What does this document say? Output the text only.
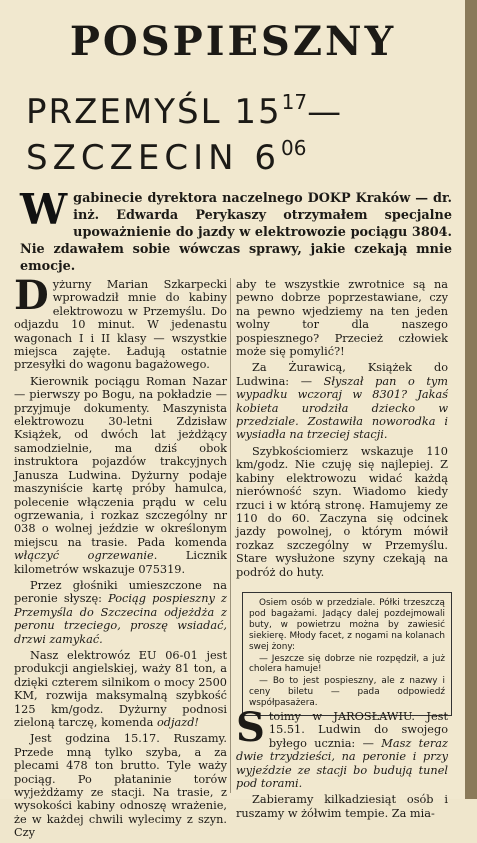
POSPIESZNY
PRZEMYŚL $15^{17}—$
SZCZECIN $6^{06}$
Wgabinecie dyrektora naczelnego DOKP Kraków — dr. inż. Edwarda Perykaszy otrzymałem specjalne upoważnienie do jazdy w elektrowozie pociągu 3804. Nie zdawałem sobie wówczas sprawy, jakie czekają mnie emocje.

Dyżurny Marian Szkarpecki wprowadził mnie do kabiny elektrowozu w Przemyślu. Do odjazdu 10 minut. W jedenastu wagonach I i II klasy — wszystkie miejsca zajęte. Ładują ostatnie przesyłki do wagonu bagażowego.

Kierownik pociągu Roman Nazar — pierwszy po Bogu, na pokładzie — przyjmuje dokumenty. Maszynista elektrowozu 30-letni Zdzisław Książek, od dwóch lat jeżdżący samodzielnie, ma dziś obok instruktora pojazdów trakcyjnych Janusza Ludwina. Dyżurny podaje maszyniście kartę próby hamulca, polecenie włączenia prądu w celu ogrzewania, i rozkaz szczególny nr 038 o wolnej jeździe w określonym miejscu na trasie. Pada komenda włączyć ogrzewanie. Licznik kilometrów wskazuje 075319.

Przez głośniki umieszczone na peronie słyszę: Pociąg pospieszny z Przemyśla do Szczecina odjeżdża z peronu trzeciego, proszę wsiadać, drzwi zamykać.

Nasz elektrowóz EU 06-01 jest produkcji angielskiej, waży 81 ton, a dzięki czterem silnikom o mocy 2500 KM, rozwija maksymalną szybkość 125 km/godz. Dyżurny podnosi zieloną tarczę, komenda odjazd!

Jest godzina 15.17. Ruszamy. Przede mną tylko szyba, a za plecami 478 ton brutto. Tyle waży pociąg. Po płataninie torów wyjeżdżamy ze stacji. Na trasie, z wysokości kabiny odnoszę wrażenie, że w każdej chwili wylecimy z szyn. Czy

aby te wszystkie zwrotnice są na pewno dobrze poprzestawiane, czy na pewno wjedziemy na ten jeden wolny tor dla naszego pospiesznego? Przecież człowiek może się pomylić?!

Za Żurawicą, Książek do Ludwina: — Słyszał pan o tym wypadku wczoraj w 8301? Jakaś kobieta urodziła dziecko w przedziale. Zostawiła noworodka i wysiadła na trzeciej stacji.

Szybkościomierz wskazuje 110 km/godz. Nie czuję się najlepiej. Z kabiny elektrowozu widać każdą nierówność szyn. Wiadomo kiedy rzuci i w którą stronę. Hamujemy ze 110 do 60. Zaczyna się odcinek jazdy powolnej, o którym mówił rozkaz szczególny w Przemyślu. Stare wysłużone szyny czekają na podróż do huty.

Osiem osób w przedziale. Półki trzeszczą pod bagażami. Jadący dalej pozdejmowali buty, w powietrzu można by zawiesić siekierę. Młody facet, z nogami na kolanach swej żony:

— Jeszcze się dobrze nie rozpędził, a już cholera hamuje!

— Bo to jest pospieszny, ale z nazwy i ceny biletu — pada odpowiedź współpasażera.

Stoimy w JAROSŁAWIU. Jest 15.51. Ludwin do swojego byłego ucznia: — Masz teraz dwie trzydzieści, na peronie i przy wyjeździe ze stacji bo budują tunel pod torami.

Zabieramy kilkadziesiąt osób i ruszamy w żółwim tempie. Za mia-
